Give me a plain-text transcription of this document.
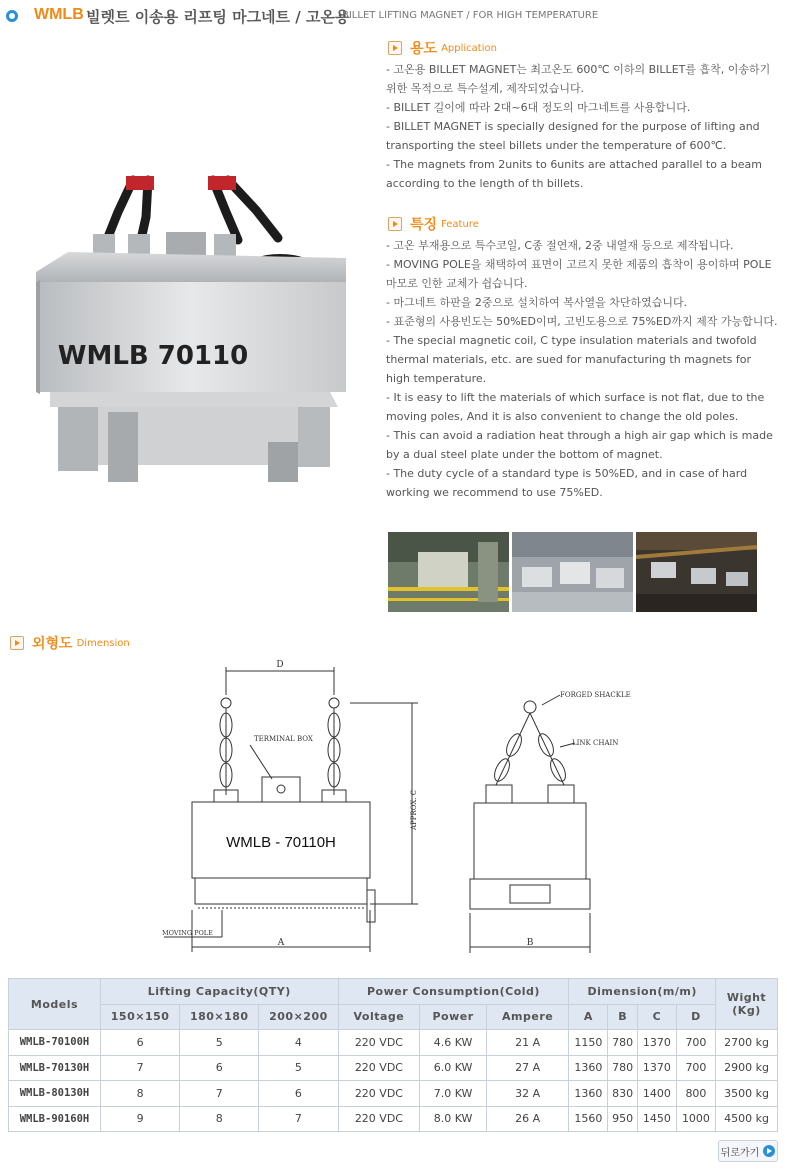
WMLB 빌렛트 이송용 리프팅 마그네트 / 고온용
BILLET LIFTING MAGNET / FOR HIGH TEMPERATURE
WMLB 70110
용도 Application

- 고온용 BILLET MAGNET는 최고온도 600℃ 이하의 BILLET를 흡착, 이송하기 위한 목적으로 특수설계, 제작되었습니다.

- BILLET 길이에 따라 2대~6대 정도의 마그네트를 사용합니다.

- BILLET MAGNET is specially designed for the purpose of lifting and transporting the steel billets under the temperature of 600℃.

- The magnets from 2units to 6units are attached parallel to a beam according to the length of th billets.

특징 Feature

- 고온 부재용으로 특수코일, C종 절연재, 2중 내열재 등으로 제작됩니다.

- MOVING POLE을 채택하여 표면이 고르지 못한 제품의 흡착이 용이하며 POLE마모로 인한 교체가 쉽습니다.

- 마그네트 하판을 2중으로 설치하여 복사열을 차단하였습니다.

- 표준형의 사용빈도는 50%ED이며, 고빈도용으로 75%ED까지 제작 가능합니다.

- The special magnetic coil, C type insulation materials and twofold thermal materials, etc. are sued for manufacturing th magnets for high temperature.

- It is easy to lift the materials of which surface is not flat, due to the moving poles, And it is also convenient to change the old poles.

- This can avoid a radiation heat through a high air gap which is made by a dual steel plate under the bottom of magnet.

- The duty cycle of a standard type is 50%ED, and in case of hard working we recommend to use 75%ED.

외형도 Dimension
D
A	B
APPROX. C
TERMINAL BOX
MOVING POLE
FORGED SHACKLE
LINK CHAIN
WMLB - 70110H
Models	Lifting Capacity(QTY)			Power Consumption(Cold)			Dimension(m/m)				Wight (Kg)
	150×150	180×180	200×200	Voltage	Power	Ampere	A	B	C	D	
WMLB-70100H	6	5	4	220 VDC	4.6 KW	21 A	1150	780	1370	700	2700 kg
WMLB-70130H	7	6	5	220 VDC	6.0 KW	27 A	1360	780	1370	700	2900 kg
WMLB-80130H	8	7	6	220 VDC	7.0 KW	32 A	1360	830	1400	800	3500 kg
WMLB-90160H	9	8	7	220 VDC	8.0 KW	26 A	1560	950	1450	1000	4500 kg
뒤로가기
